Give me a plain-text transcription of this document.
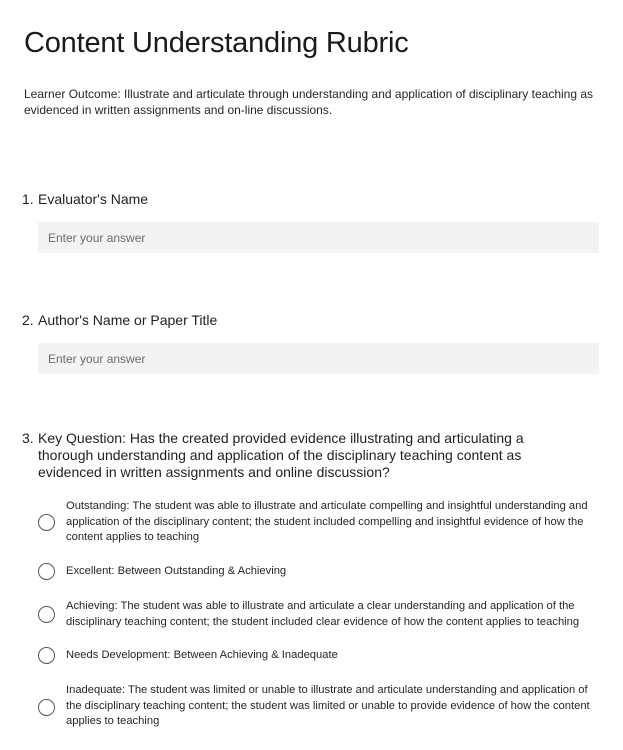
Content Understanding Rubric
Learner Outcome: Illustrate and articulate through understanding and application of disciplinary teaching as evidenced in written assignments and on-line discussions.
1. Evaluator's Name
Enter your answer
2. Author's Name or Paper Title
Enter your answer
3. Key Question: Has the created provided evidence illustrating and articulating a thorough understanding and application of the disciplinary teaching content as evidenced in written assignments and online discussion?
Outstanding: The student was able to illustrate and articulate compelling and insightful understanding and application of the disciplinary content; the student included compelling and insightful evidence of how the content applies to teaching
Excellent: Between Outstanding & Achieving
Achieving: The student was able to illustrate and articulate a clear understanding and application of the disciplinary teaching content; the student included clear evidence of how the content applies to teaching
Needs Development: Between Achieving & Inadequate
Inadequate: The student was limited or unable to illustrate and articulate understanding and application of the disciplinary teaching content; the student was limited or unable to provide evidence of how the content applies to teaching
